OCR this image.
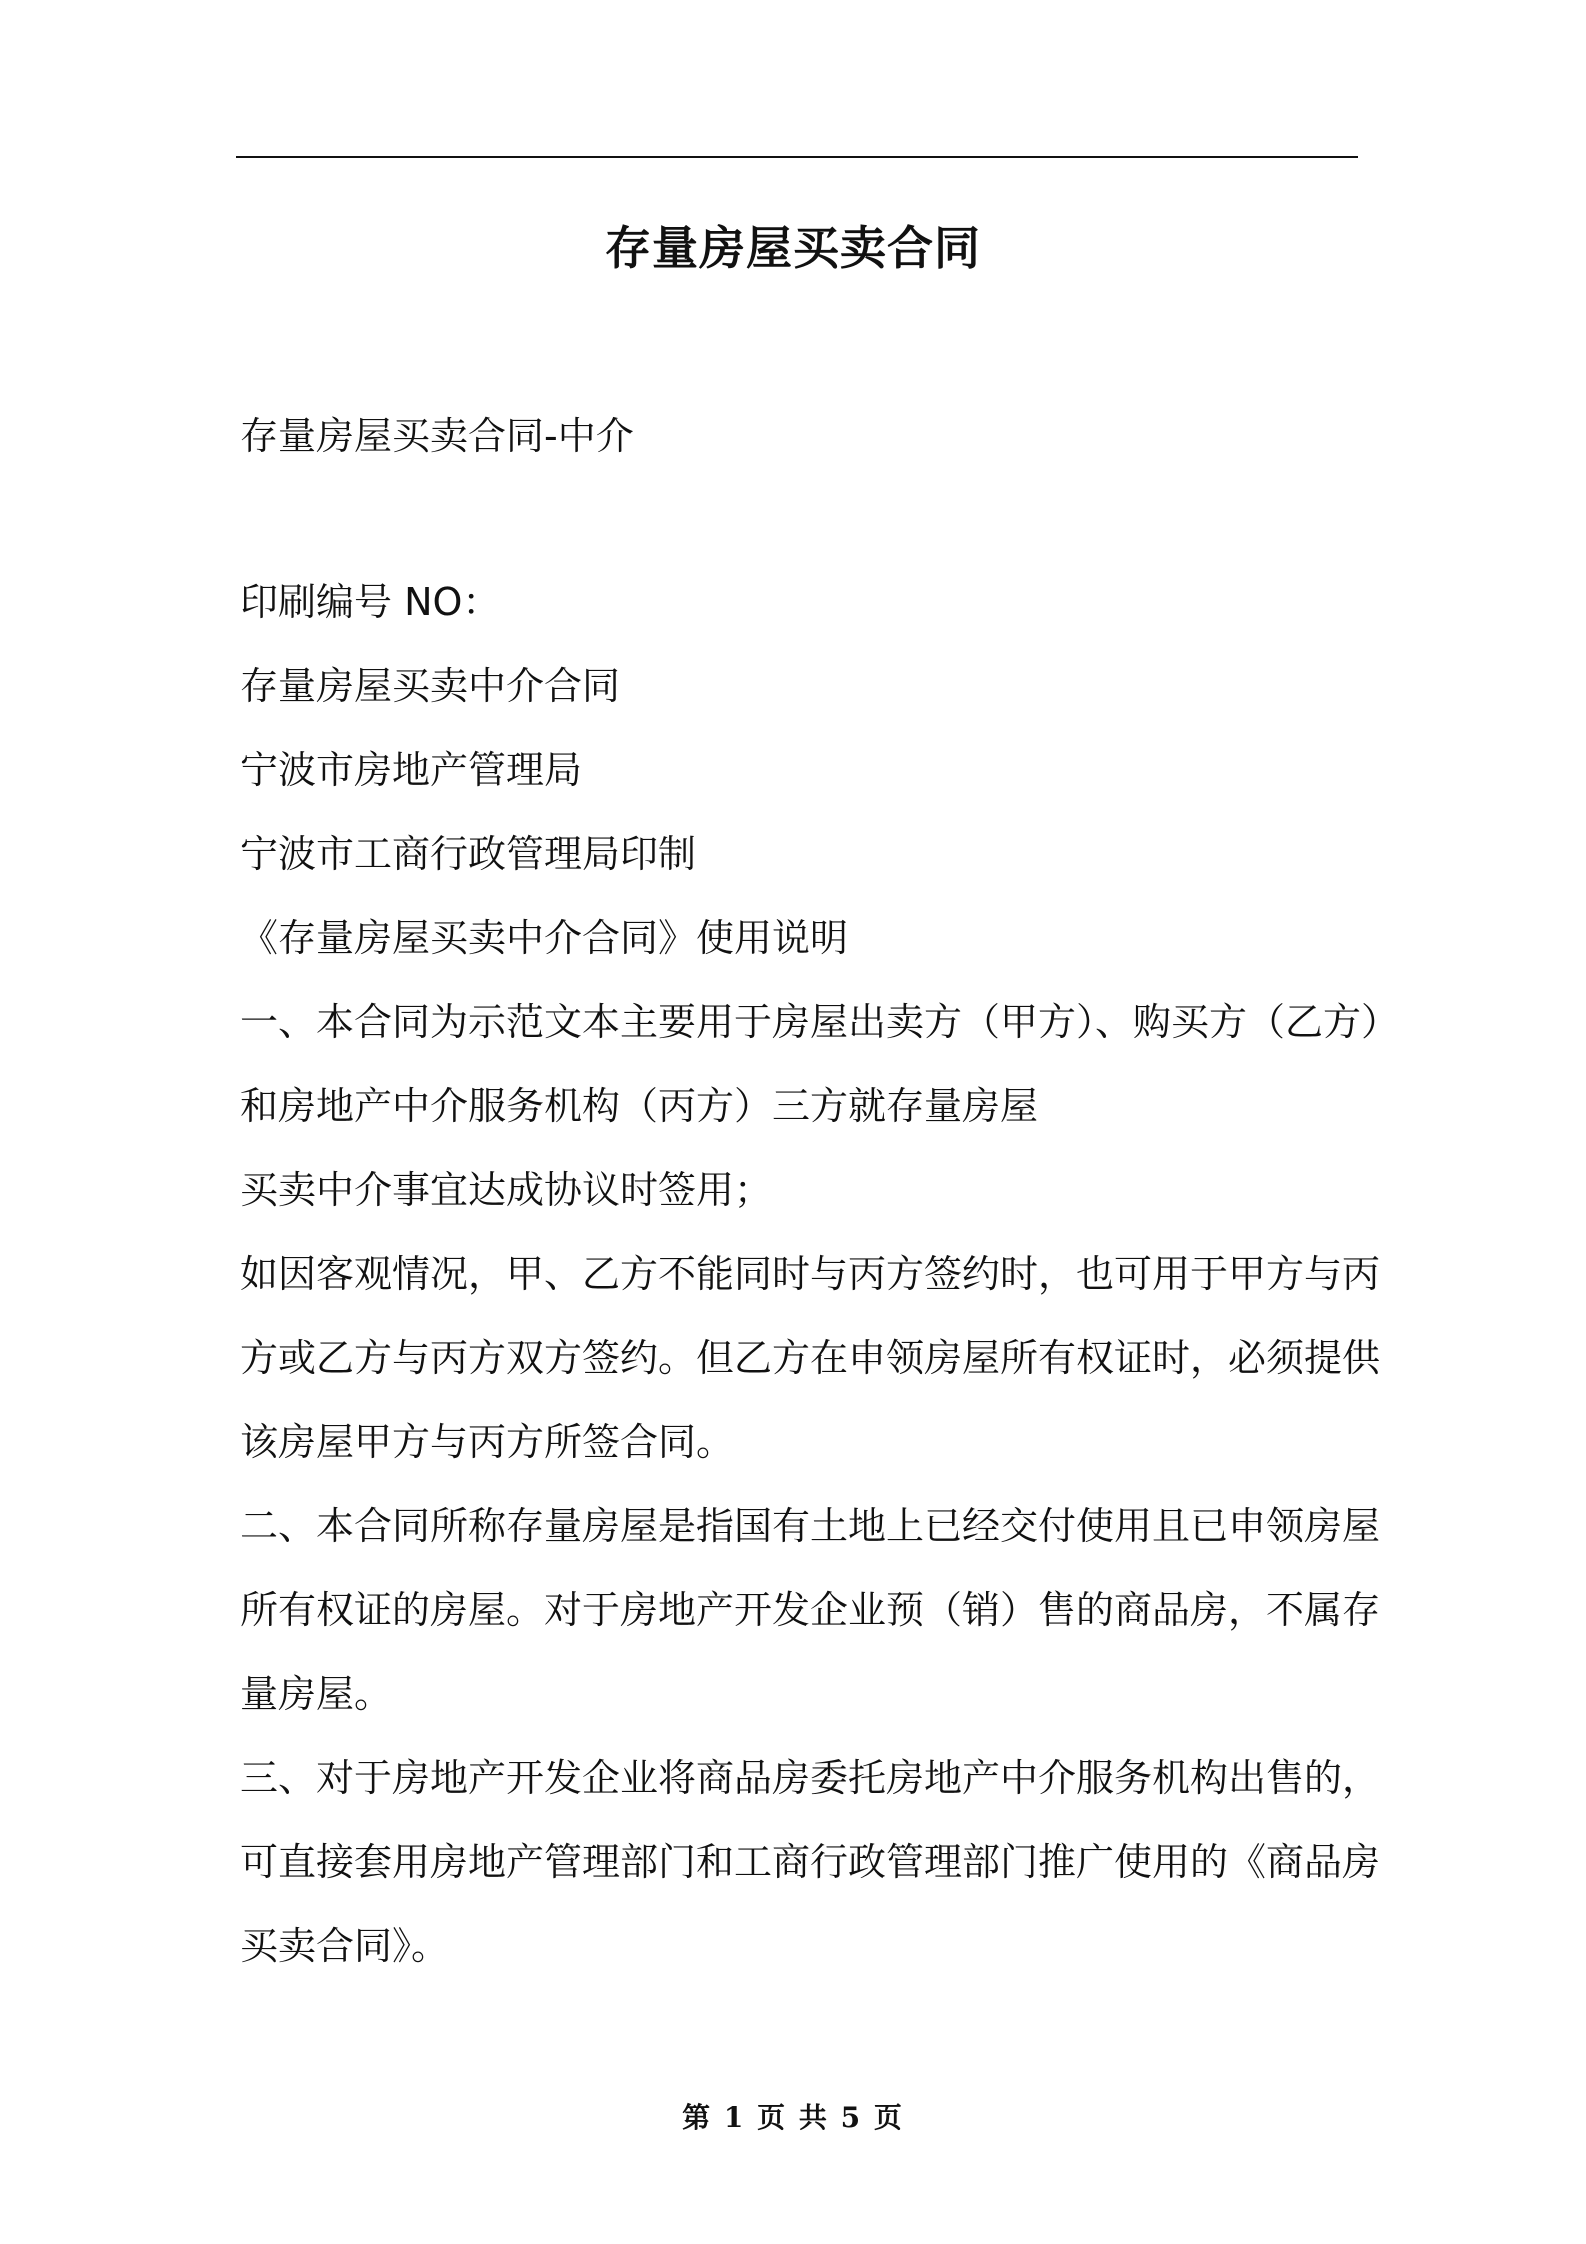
存量房屋买卖合同
存量房屋买卖合同-中介
印刷编号 NO：
存量房屋买卖中介合同
宁波市房地产管理局
宁波市工商行政管理局印制
《存量房屋买卖中介合同》使用说明
一、本合同为示范文本主要用于房屋出卖方（甲方）、购买方（乙方）
和房地产中介服务机构（丙方）三方就存量房屋
买卖中介事宜达成协议时签用；
如因客观情况，甲、乙方不能同时与丙方签约时，也可用于甲方与丙
方或乙方与丙方双方签约。但乙方在申领房屋所有权证时，必须提供
该房屋甲方与丙方所签合同。
二、本合同所称存量房屋是指国有土地上已经交付使用且已申领房屋
所有权证的房屋。对于房地产开发企业预（销）售的商品房，不属存
量房屋。
三、对于房地产开发企业将商品房委托房地产中介服务机构出售的，
可直接套用房地产管理部门和工商行政管理部门推广使用的《商品房
买卖合同》。
第 1 页 共 5 页
